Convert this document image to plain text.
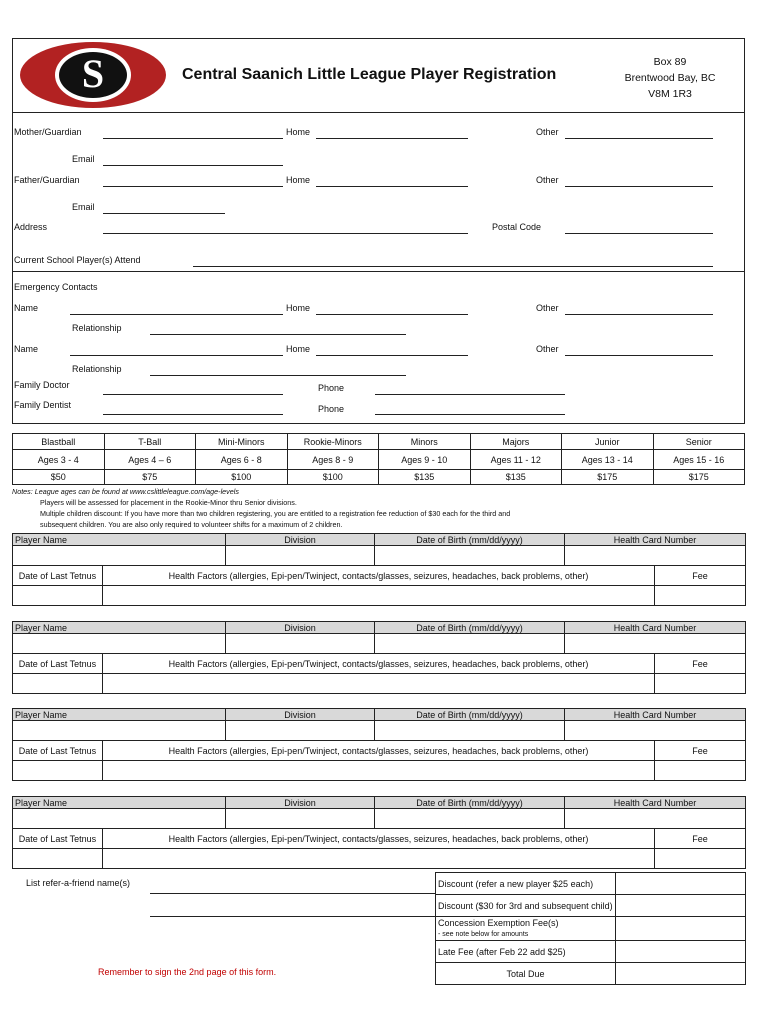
S	Central Saanich Little League Player Registration
Box 89
Brentwood Bay, BC
V8M 1R3
Mother/Guardian	Home	Other
Email
Father/Guardian	Home	Other
Email
Address	Postal Code
Current School Player(s) Attend
Emergency Contacts
Name	Home	Other
Relationship
Name	Home	Other
Relationship
Family Doctor	Phone
Family Dentist	Phone
Blastball	T-Ball	Mini-Minors	Rookie-Minors	Minors	Majors	Junior	Senior
Ages 3 - 4	Ages 4 – 6	Ages 6 - 8	Ages 8 - 9	Ages 9 - 10	Ages 11 - 12	Ages 13 - 14	Ages 15 - 16
$50	$75	$100	$100	$135	$135	$175	$175
Notes: League ages can be found at www.cslittleleague.com/age-levels
Players will be assessed for placement in the Rookie-Minor thru Senior divisions.
Multiple children discount: If you have more than two children registering, you are entitled to a registration fee reduction of $30 each for the third and
subsequent children. You are also only required to volunteer shifts for a maximum of 2 children.
Player Name		Division	Date of Birth (mm/dd/yyyy)	Health Card Number	

Date of Last Tetnus	Health Factors (allergies, Epi-pen/Twinject, contacts/glasses, seizures, headaches, back problems, other)				Fee

Player Name		Division	Date of Birth (mm/dd/yyyy)	Health Card Number	

Date of Last Tetnus	Health Factors (allergies, Epi-pen/Twinject, contacts/glasses, seizures, headaches, back problems, other)				Fee

Player Name		Division	Date of Birth (mm/dd/yyyy)	Health Card Number	

Date of Last Tetnus	Health Factors (allergies, Epi-pen/Twinject, contacts/glasses, seizures, headaches, back problems, other)				Fee

Player Name		Division	Date of Birth (mm/dd/yyyy)	Health Card Number	

Date of Last Tetnus	Health Factors (allergies, Epi-pen/Twinject, contacts/glasses, seizures, headaches, back problems, other)				Fee

List refer-a-friend name(s)	Discount (refer a new player $25 each)	
Discount ($30 for 3rd and subsequent child)	

Concession Exemption Fee(s)
- see note below for amounts	

Late Fee (after Feb 22 add $25)	
Total Due	
Remember to sign the 2nd page of this form.
